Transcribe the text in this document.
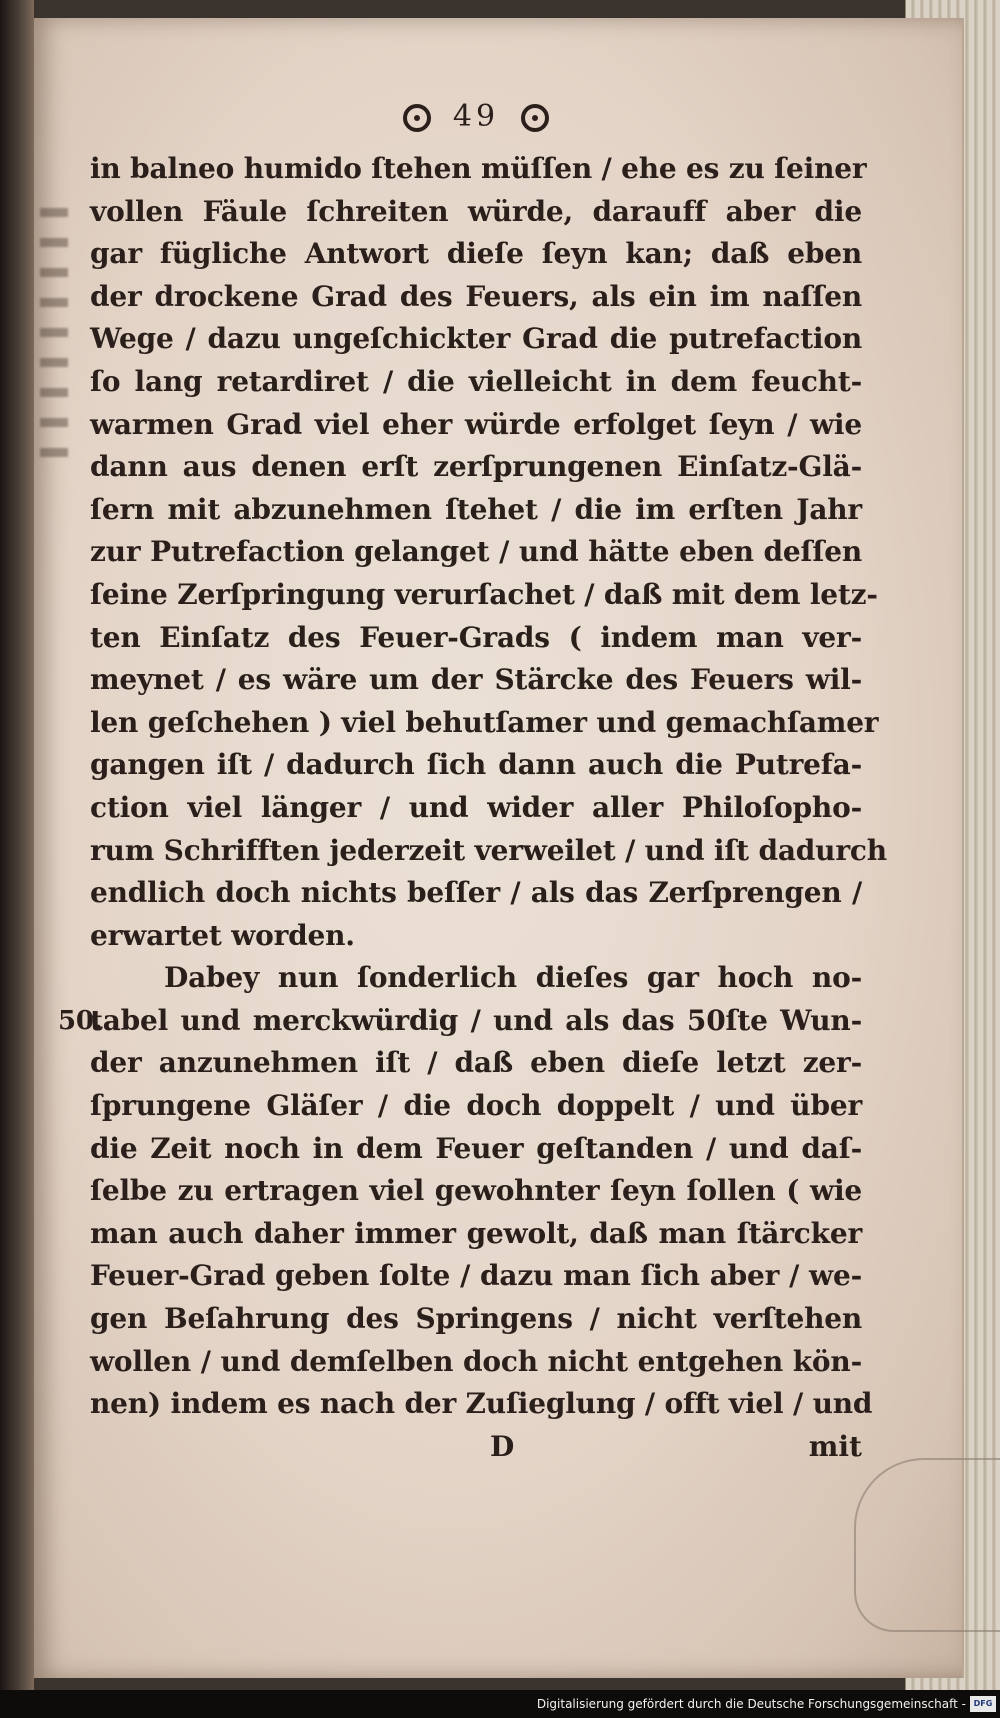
49
in balneo humido ſtehen müſſen / ehe es zu ſeiner
vollen Fäule ſchreiten würde, darauff aber die
gar fügliche Antwort dieſe ſeyn kan; daß eben
der drockene Grad des Feuers, als ein im naſſen
Wege / dazu ungeſchickter Grad die putrefaction
ſo lang retardiret / die vielleicht in dem feucht-
warmen Grad viel eher würde erfolget ſeyn / wie
dann aus denen erſt zerſprungenen Einſatz-Glä-
ſern mit abzunehmen ſtehet / die im erſten Jahr
zur Putrefaction gelanget / und hätte eben deſſen
ſeine Zerſpringung verurſachet / daß mit dem letz-
ten Einſatz des Feuer-Grads ( indem man ver-
meynet / es wäre um der Stärcke des Feuers wil-
len geſchehen ) viel behutſamer und gemachſamer
gangen iſt / dadurch ſich dann auch die Putrefa-
ction viel länger / und wider aller Philoſopho-
rum Schrifften jederzeit verweilet / und iſt dadurch
endlich doch nichts beſſer / als das Zerſprengen /
erwartet worden.
Dabey nun ſonderlich dieſes gar hoch no-
50.
tabel und merckwürdig / und als das 50ſte Wun-
der anzunehmen iſt / daß eben dieſe letzt zer-
ſprungene Gläſer / die doch doppelt / und über
die Zeit noch in dem Feuer geſtanden / und daſ-
ſelbe zu ertragen viel gewohnter ſeyn ſollen ( wie
man auch daher immer gewolt, daß man ſtärcker
Feuer-Grad geben ſolte / dazu man ſich aber / we-
gen Beſahrung des Springens / nicht verſtehen
wollen / und demſelben doch nicht entgehen kön-
nen) indem es nach der Zuſieglung / offt viel / und
D	mit
Digitalisierung gefördert durch die Deutsche Forschungsgemeinschaft - DFG
